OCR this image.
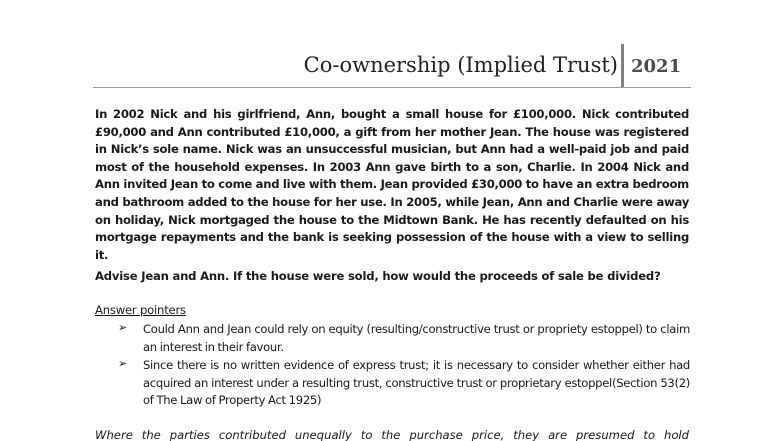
Co-ownership (Implied Trust) 2021

In 2002 Nick and his girlfriend, Ann, bought a small house for £100,000. Nick contributed £90,000 and Ann contributed £10,000, a gift from her mother Jean. The house was registered in Nick’s sole name. Nick was an unsuccessful musician, but Ann had a well-paid job and paid most of the household expenses. In 2003 Ann gave birth to a son, Charlie. In 2004 Nick and Ann invited Jean to come and live with them. Jean provided £30,000 to have an extra bedroom and bathroom added to the house for her use. In 2005, while Jean, Ann and Charlie were away on holiday, Nick mortgaged the house to the Midtown Bank. He has recently defaulted on his mortgage repayments and the bank is seeking possession of the house with a view to selling it.

Advise Jean and Ann. If the house were sold, how would the proceeds of sale be divided?
Answer pointers
➢ Could Ann and Jean could rely on equity (resulting/constructive trust or propriety estoppel) to claim an interest in their favour.
➢ Since there is no written evidence of express trust; it is necessary to consider whether either had acquired an interest under a resulting trust, constructive trust or proprietary estoppel(Section 53(2) of The Law of Property Act 1925)
Where the parties contributed unequally to the purchase price, they are presumed to hold
